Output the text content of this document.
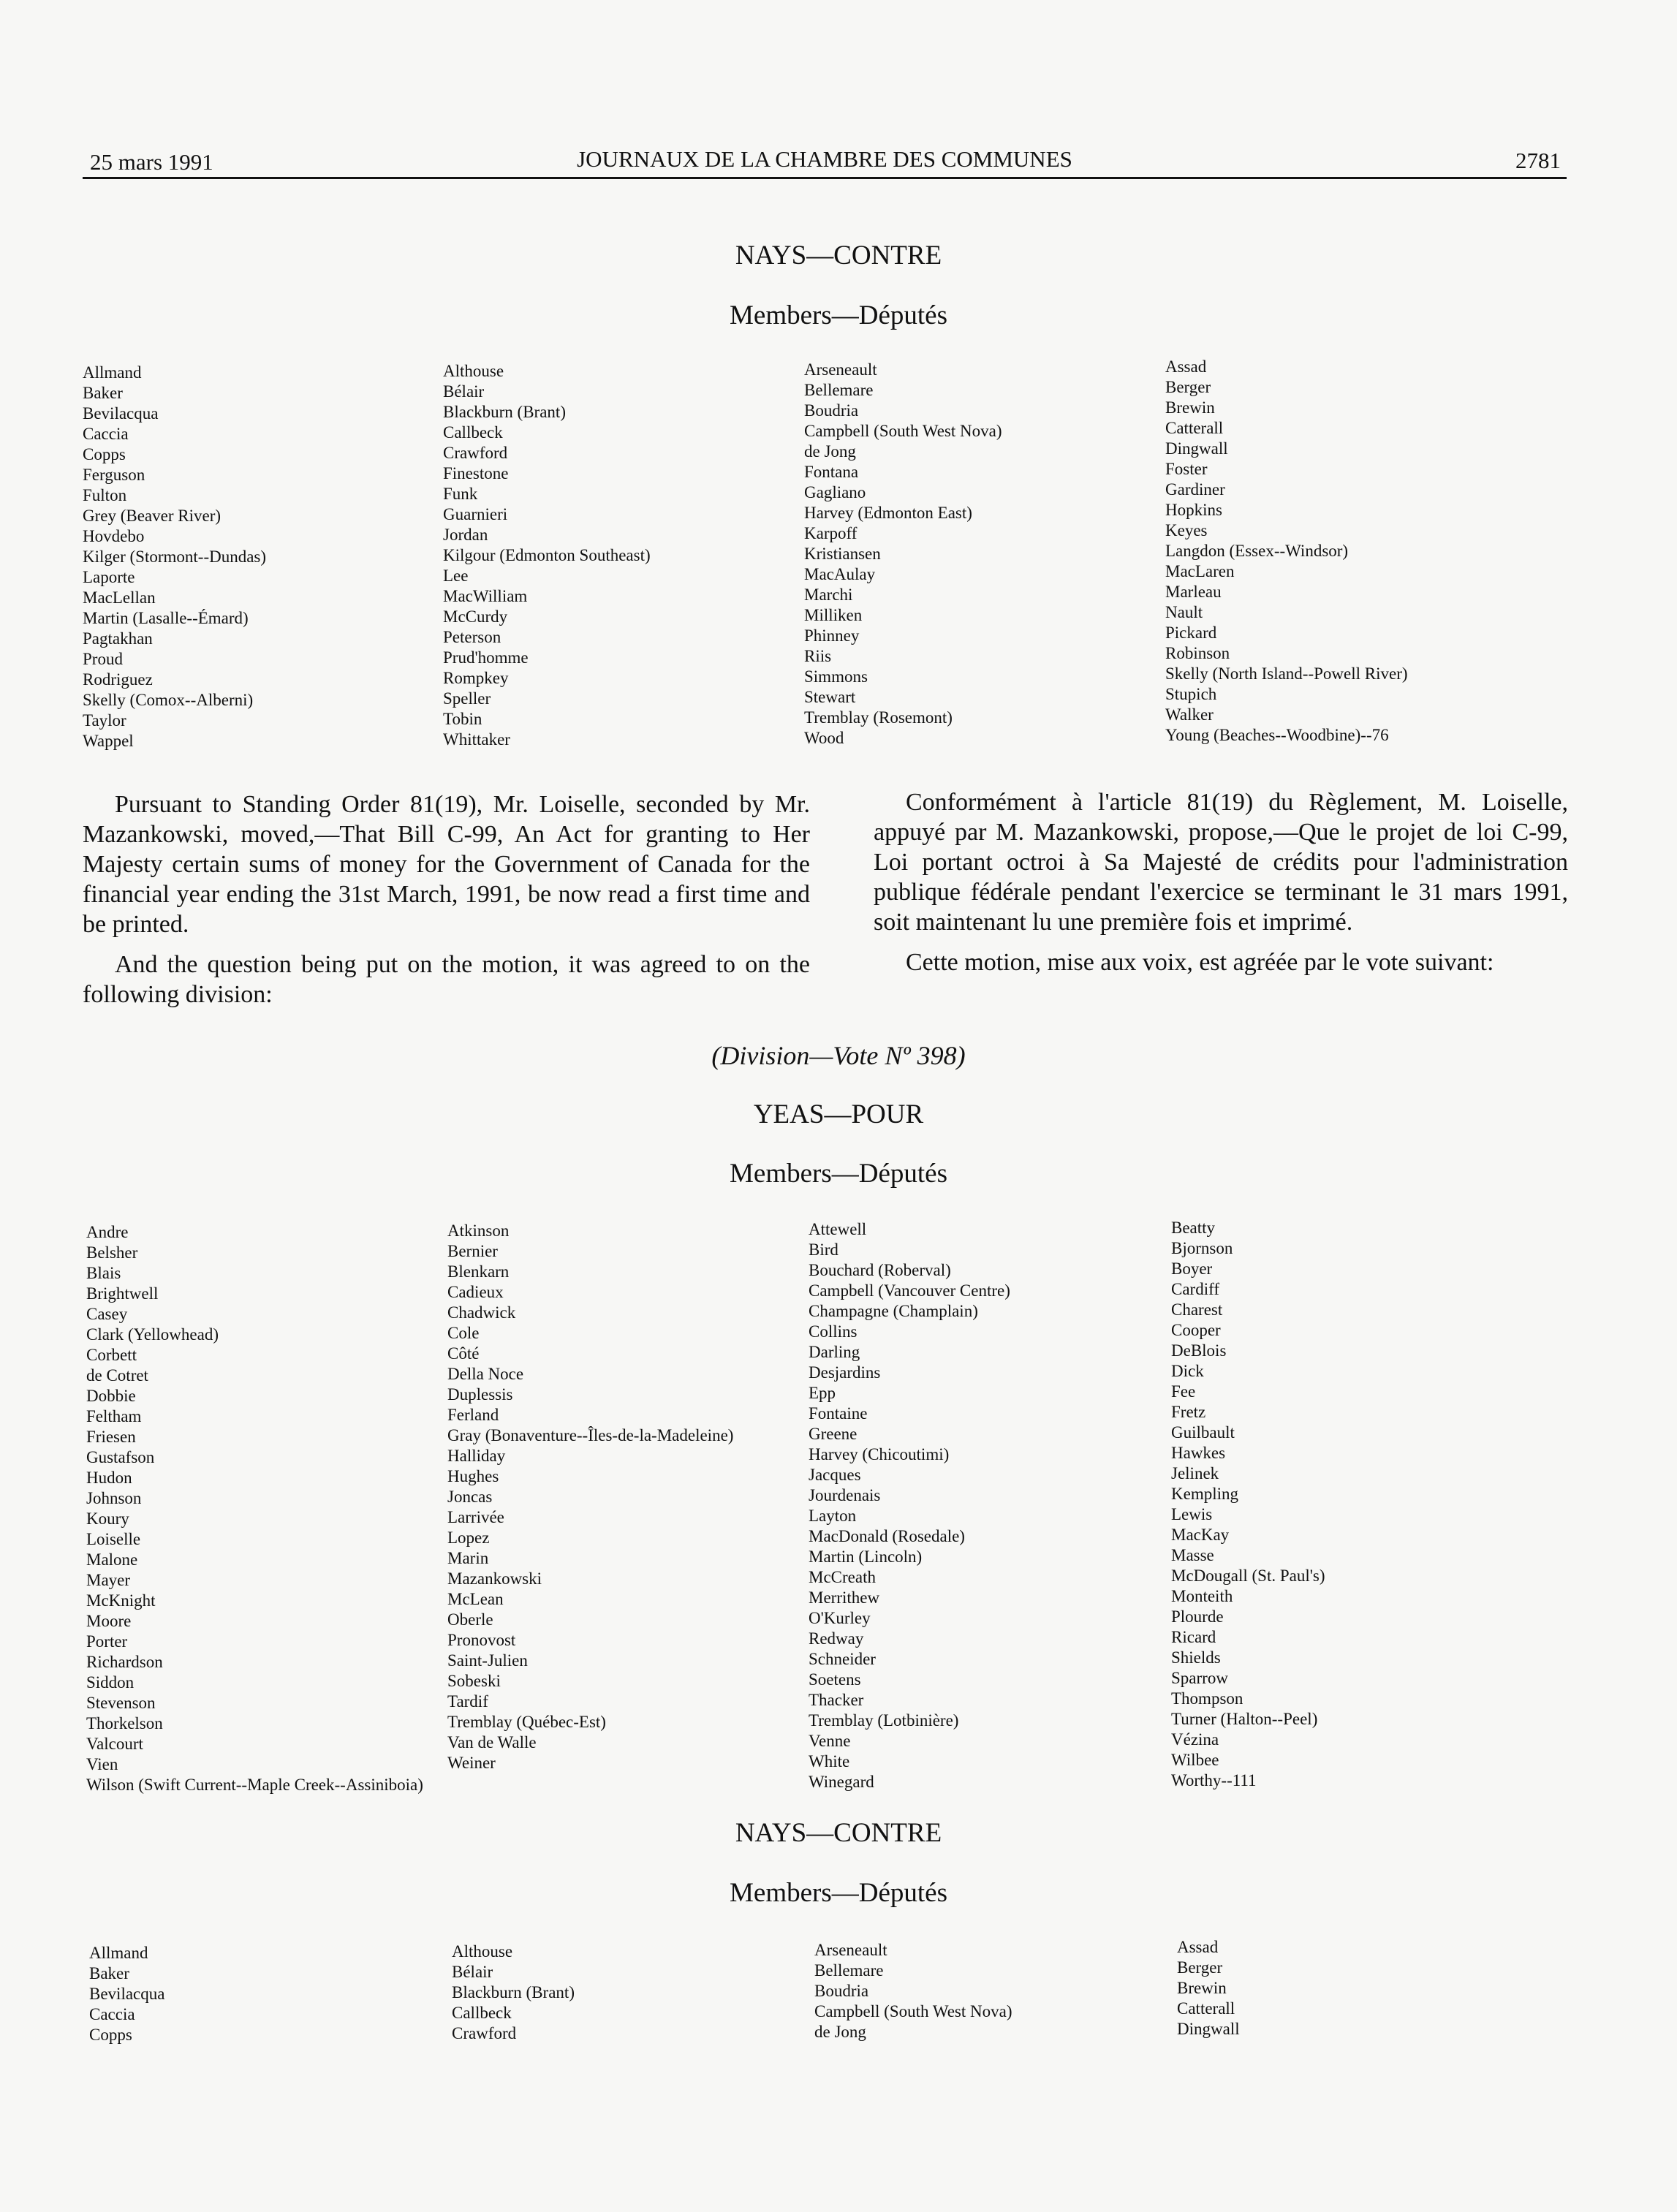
25 mars 1991	JOURNAUX DE LA CHAMBRE DES COMMUNES	2781
NAYS—CONTRE
Members—Députés
Allmand
Baker
Bevilacqua
Caccia
Copps
Ferguson
Fulton
Grey (Beaver River)
Hovdebo
Kilger (Stormont--Dundas)
Laporte
MacLellan
Martin (Lasalle--Émard)
Pagtakhan
Proud
Rodriguez
Skelly (Comox--Alberni)
Taylor
Wappel
Althouse
Bélair
Blackburn (Brant)
Callbeck
Crawford
Finestone
Funk
Guarnieri
Jordan
Kilgour (Edmonton Southeast)
Lee
MacWilliam
McCurdy
Peterson
Prud'homme
Rompkey
Speller
Tobin
Whittaker
Arseneault
Bellemare
Boudria
Campbell (South West Nova)
de Jong
Fontana
Gagliano
Harvey (Edmonton East)
Karpoff
Kristiansen
MacAulay
Marchi
Milliken
Phinney
Riis
Simmons
Stewart
Tremblay (Rosemont)
Wood
Assad
Berger
Brewin
Catterall
Dingwall
Foster
Gardiner
Hopkins
Keyes
Langdon (Essex--Windsor)
MacLaren
Marleau
Nault
Pickard
Robinson
Skelly (North Island--Powell River)
Stupich
Walker
Young (Beaches--Woodbine)--76

Pursuant to Standing Order 81(19), Mr. Loiselle, seconded by Mr. Mazankowski, moved,—That Bill C-99, An Act for granting to Her Majesty certain sums of money for the Government of Canada for the financial year ending the 31st March, 1991, be now read a first time and be printed.

And the question being put on the motion, it was agreed to on the following division:

Conformément à l'article 81(19) du Règlement, M. Loiselle, appuyé par M. Mazankowski, propose,—Que le projet de loi C-99, Loi portant octroi à Sa Majesté de crédits pour l'administration publique fédérale pendant l'exercice se terminant le 31 mars 1991, soit maintenant lu une première fois et imprimé.

Cette motion, mise aux voix, est agréée par le vote suivant:

(Division—Vote Nº 398)
YEAS—POUR
Members—Députés
Andre
Belsher
Blais
Brightwell
Casey
Clark (Yellowhead)
Corbett
de Cotret
Dobbie
Feltham
Friesen
Gustafson
Hudon
Johnson
Koury
Loiselle
Malone
Mayer
McKnight
Moore
Porter
Richardson
Siddon
Stevenson
Thorkelson
Valcourt
Vien
Wilson (Swift Current--Maple Creek--Assiniboia)
Atkinson
Bernier
Blenkarn
Cadieux
Chadwick
Cole
Côté
Della Noce
Duplessis
Ferland
Gray (Bonaventure--Îles-de-la-Madeleine)
Halliday
Hughes
Joncas
Larrivée
Lopez
Marin
Mazankowski
McLean
Oberle
Pronovost
Saint-Julien
Sobeski
Tardif
Tremblay (Québec-Est)
Van de Walle
Weiner
Attewell
Bird
Bouchard (Roberval)
Campbell (Vancouver Centre)
Champagne (Champlain)
Collins
Darling
Desjardins
Epp
Fontaine
Greene
Harvey (Chicoutimi)
Jacques
Jourdenais
Layton
MacDonald (Rosedale)
Martin (Lincoln)
McCreath
Merrithew
O'Kurley
Redway
Schneider
Soetens
Thacker
Tremblay (Lotbinière)
Venne
White
Winegard
Beatty
Bjornson
Boyer
Cardiff
Charest
Cooper
DeBlois
Dick
Fee
Fretz
Guilbault
Hawkes
Jelinek
Kempling
Lewis
MacKay
Masse
McDougall (St. Paul's)
Monteith
Plourde
Ricard
Shields
Sparrow
Thompson
Turner (Halton--Peel)
Vézina
Wilbee
Worthy--111
NAYS—CONTRE
Members—Députés
Allmand
Baker
Bevilacqua
Caccia
Copps
Althouse
Bélair
Blackburn (Brant)
Callbeck
Crawford
Arseneault
Bellemare
Boudria
Campbell (South West Nova)
de Jong
Assad
Berger
Brewin
Catterall
Dingwall
